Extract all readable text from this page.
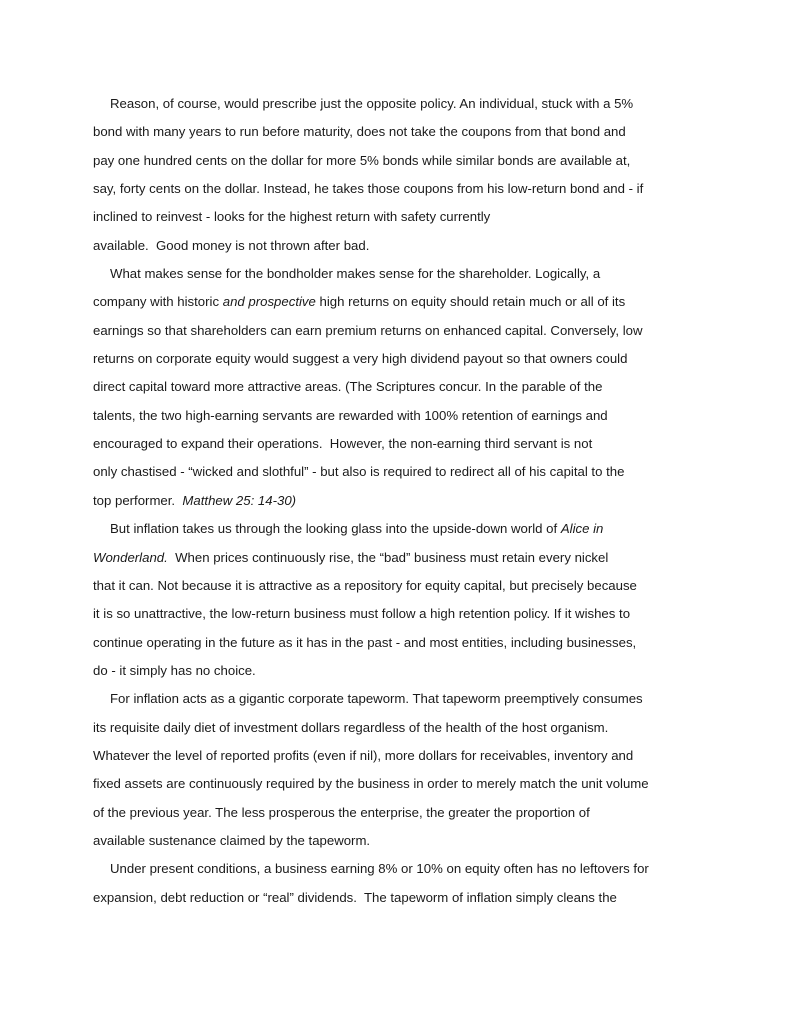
Reason, of course, would prescribe just the opposite policy. An individual, stuck with a 5%
bond with many years to run before maturity, does not take the coupons from that bond and
pay one hundred cents on the dollar for more 5% bonds while similar bonds are available at,
say, forty cents on the dollar. Instead, he takes those coupons from his low-return bond and - if
inclined to reinvest - looks for the highest return with safety currently
available.  Good money is not thrown after bad.
What makes sense for the bondholder makes sense for the shareholder. Logically, a
company with historic and prospective high returns on equity should retain much or all of its
earnings so that shareholders can earn premium returns on enhanced capital. Conversely, low
returns on corporate equity would suggest a very high dividend payout so that owners could
direct capital toward more attractive areas. (The Scriptures concur. In the parable of the
talents, the two high-earning servants are rewarded with 100% retention of earnings and
encouraged to expand their operations.  However, the non-earning third servant is not
only chastised - “wicked and slothful” - but also is required to redirect all of his capital to the
top performer.  Matthew 25: 14-30)
But inflation takes us through the looking glass into the upside-down world of Alice in
Wonderland.  When prices continuously rise, the “bad” business must retain every nickel
that it can. Not because it is attractive as a repository for equity capital, but precisely because
it is so unattractive, the low-return business must follow a high retention policy. If it wishes to
continue operating in the future as it has in the past - and most entities, including businesses,
do - it simply has no choice.
For inflation acts as a gigantic corporate tapeworm. That tapeworm preemptively consumes
its requisite daily diet of investment dollars regardless of the health of the host organism.
Whatever the level of reported profits (even if nil), more dollars for receivables, inventory and
fixed assets are continuously required by the business in order to merely match the unit volume
of the previous year. The less prosperous the enterprise, the greater the proportion of
available sustenance claimed by the tapeworm.
Under present conditions, a business earning 8% or 10% on equity often has no leftovers for
expansion, debt reduction or “real” dividends.  The tapeworm of inflation simply cleans the
